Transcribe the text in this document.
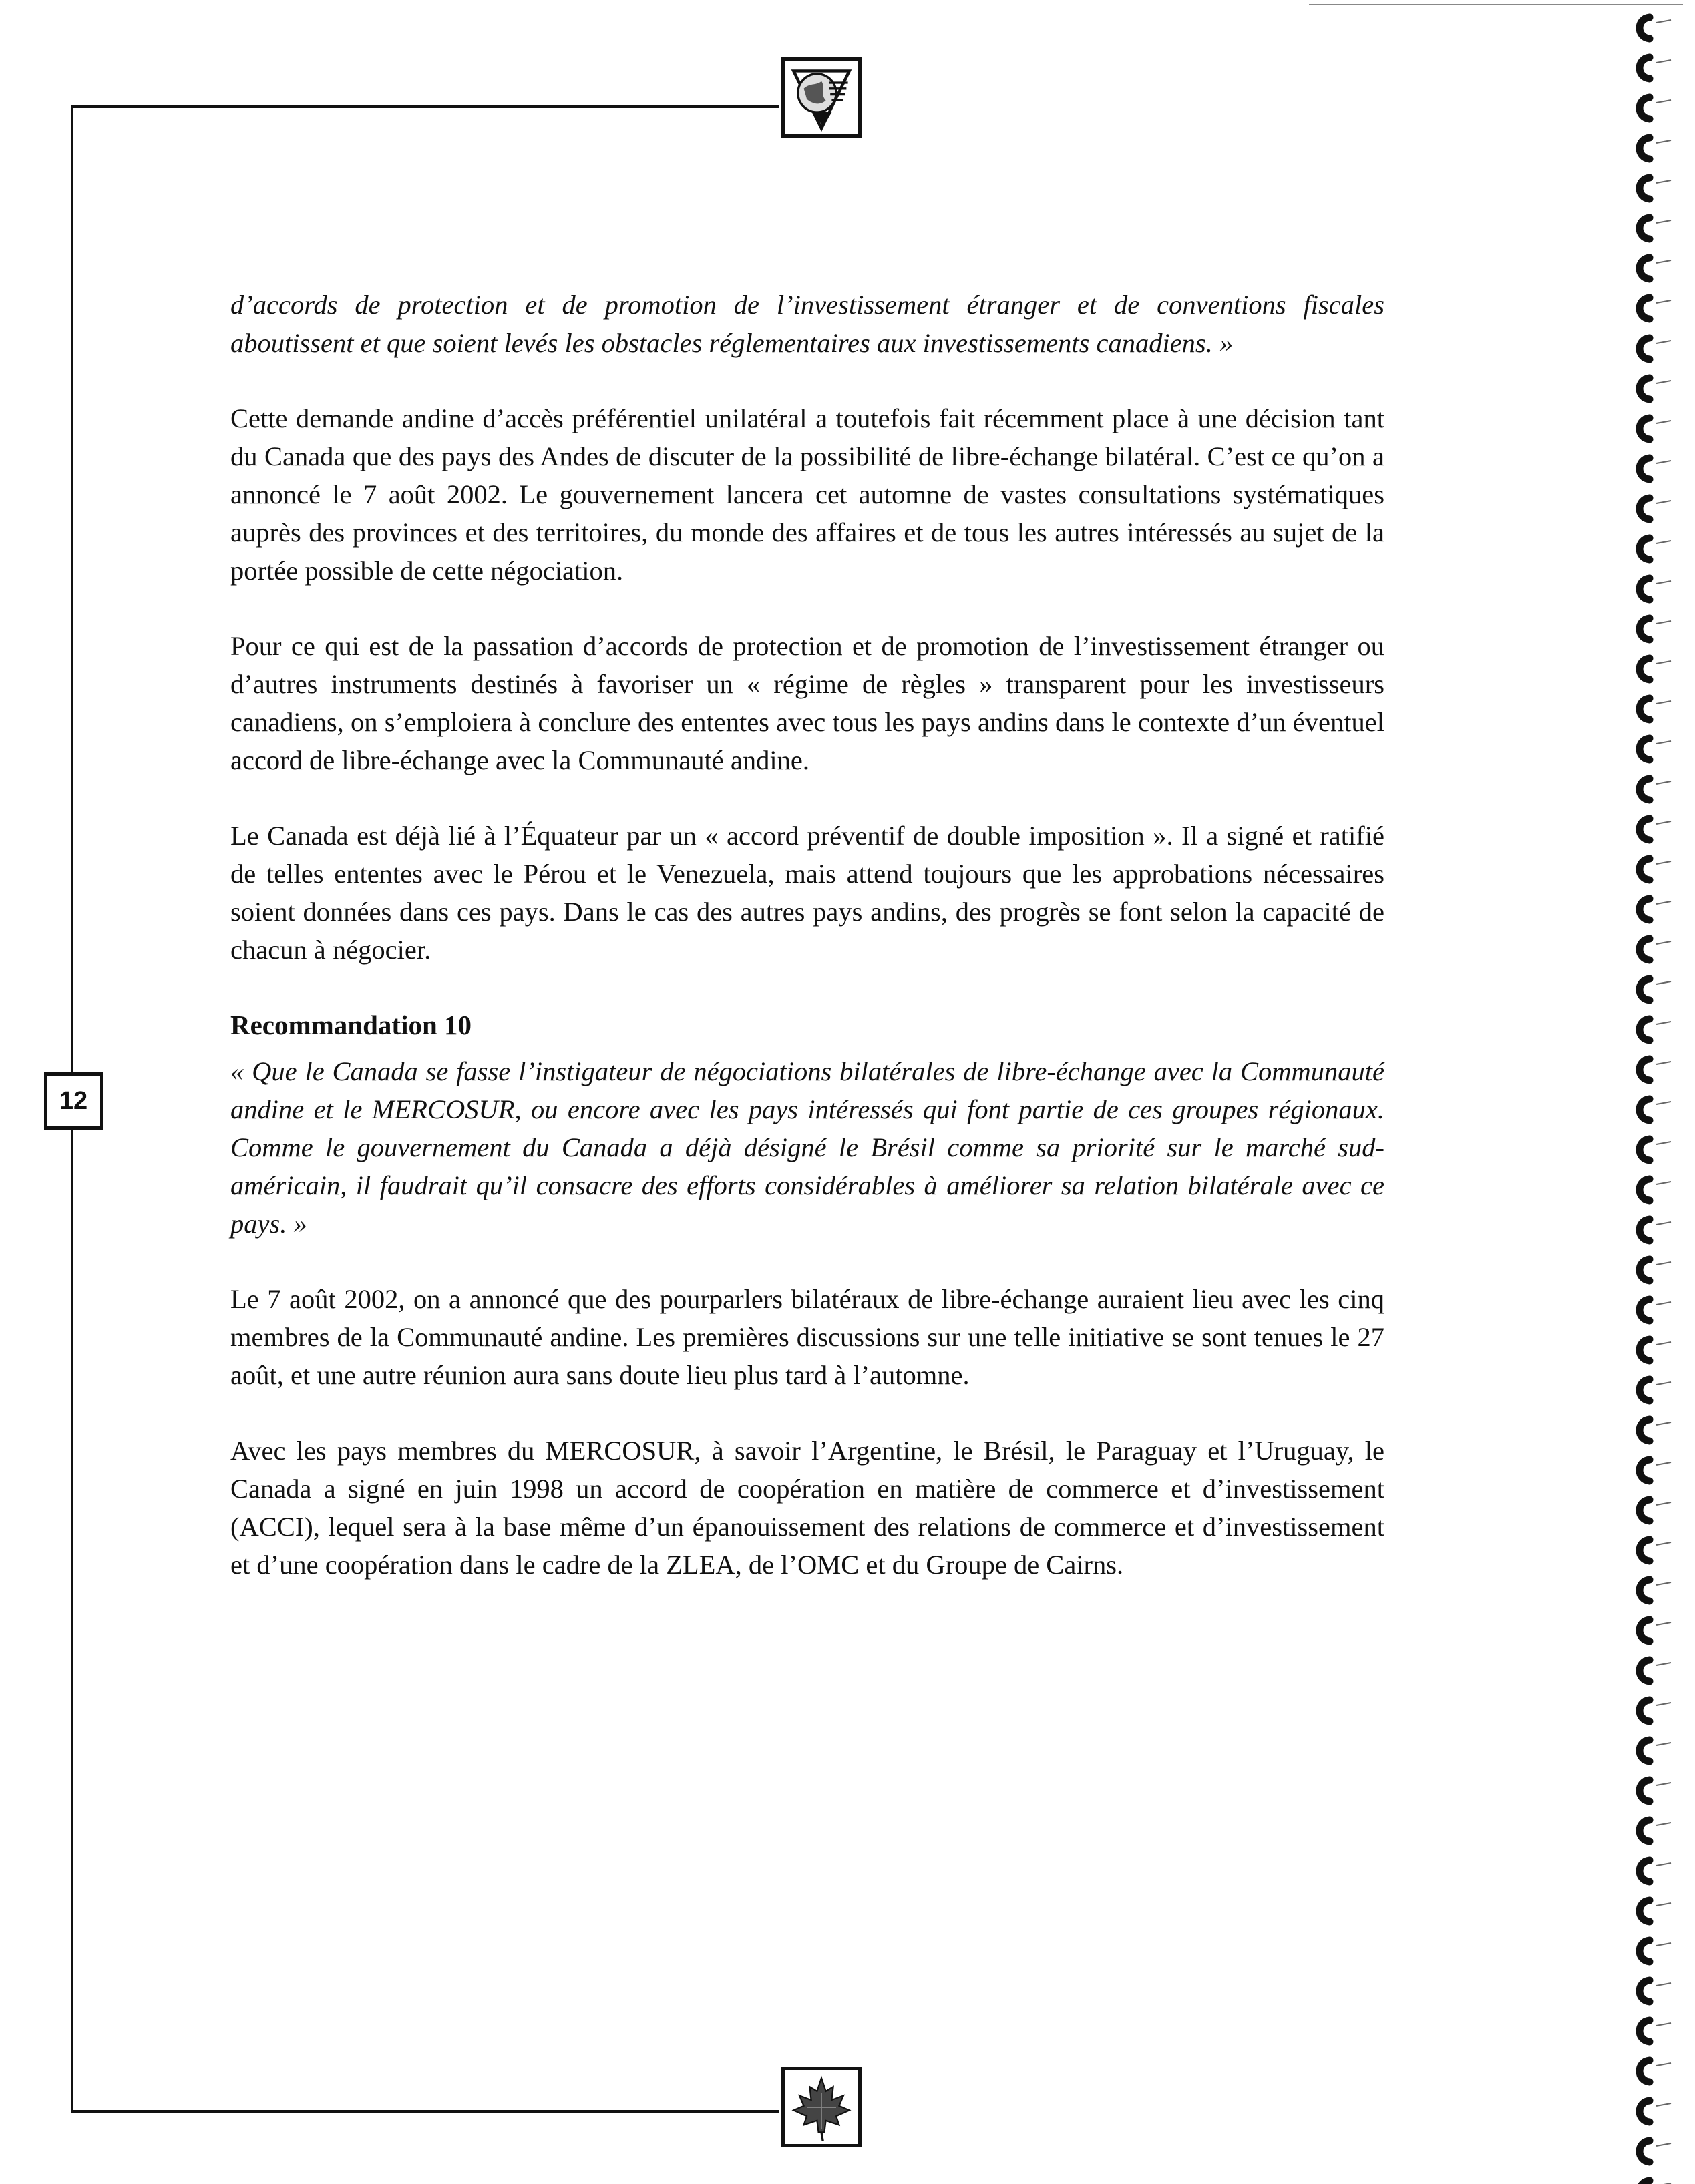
12

d’accords de protection et de promotion de l’investissement étranger et de conventions fiscales aboutissent et que soient levés les obstacles réglementaires aux investissements canadiens. »

Cette demande andine d’accès préférentiel unilatéral a toutefois fait récemment place à une décision tant du Canada que des pays des Andes de discuter de la possibilité de libre-échange bilatéral. C’est ce qu’on a annoncé le 7 août 2002. Le gouvernement lancera cet automne de vastes consultations systématiques auprès des provinces et des territoires, du monde des affaires et de tous les autres intéressés au sujet de la portée possible de cette négociation.

Pour ce qui est de la passation d’accords de protection et de promotion de l’investissement étranger ou d’autres instruments destinés à favoriser un « régime de règles » transparent pour les investisseurs canadiens, on s’emploiera à conclure des ententes avec tous les pays andins dans le contexte d’un éventuel accord de libre-échange avec la Communauté andine.

Le Canada est déjà lié à l’Équateur par un « accord préventif de double imposition ». Il a signé et ratifié de telles ententes avec le Pérou et le Venezuela, mais attend toujours que les approbations nécessaires soient données dans ces pays. Dans le cas des autres pays andins, des progrès se font selon la capacité de chacun à négocier.

Recommandation 10

« Que le Canada se fasse l’instigateur de négociations bilatérales de libre-échange avec la Communauté andine et le MERCOSUR, ou encore avec les pays intéressés qui font partie de ces groupes régionaux. Comme le gouvernement du Canada a déjà désigné le Brésil comme sa priorité sur le marché sud-américain, il faudrait qu’il consacre des efforts considérables à améliorer sa relation bilatérale avec ce pays. »

Le 7 août 2002, on a annoncé que des pourparlers bilatéraux de libre-échange auraient lieu avec les cinq membres de la Communauté andine. Les premières discussions sur une telle initiative se sont tenues le 27 août, et une autre réunion aura sans doute lieu plus tard à l’automne.

Avec les pays membres du MERCOSUR, à savoir l’Argentine, le Brésil, le Paraguay et l’Uruguay, le Canada a signé en juin 1998 un accord de coopération en matière de commerce et d’investissement (ACCI), lequel sera à la base même d’un épanouissement des relations de commerce et d’investissement et d’une coopération dans le cadre de la ZLEA, de l’OMC et du Groupe de Cairns.
